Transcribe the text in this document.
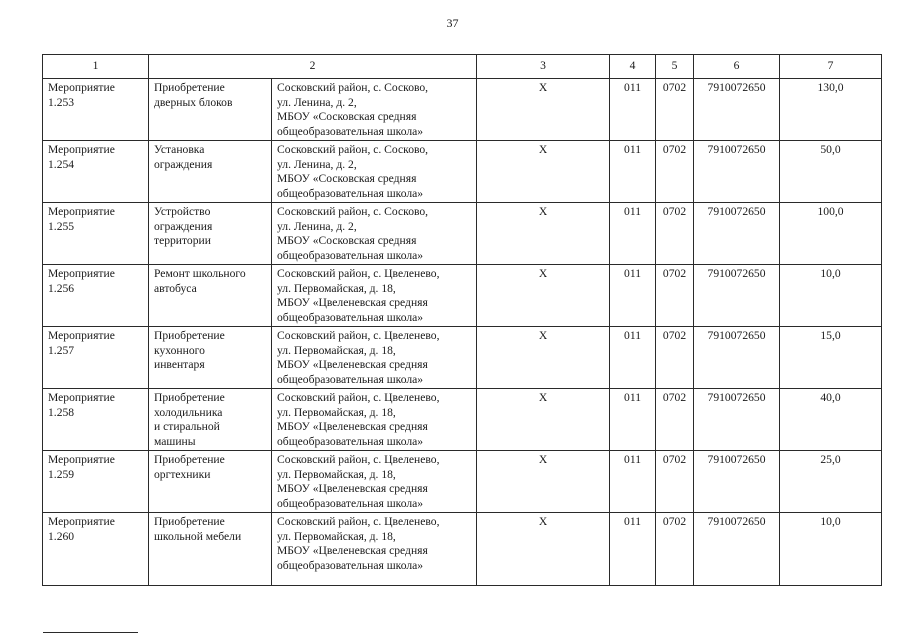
37
1	2		3	4	5	6	7

Мероприятие
1.253	Приобретение
дверных блоков	Сосковский район, с. Сосково,
ул. Ленина, д. 2,
МБОУ «Сосковская средняя
общеобразовательная школа»	X	011	0702	7910072650	130,0

Мероприятие
1.254	Установка
ограждения	Сосковский район, с. Сосково,
ул. Ленина, д. 2,
МБОУ «Сосковская средняя
общеобразовательная школа»	X	011	0702	7910072650	50,0

Мероприятие
1.255	Устройство
ограждения
территории	Сосковский район, с. Сосково,
ул. Ленина, д. 2,
МБОУ «Сосковская средняя
общеобразовательная школа»	X	011	0702	7910072650	100,0

Мероприятие
1.256	Ремонт школьного
автобуса	Сосковский район, с. Цвеленево,
ул. Первомайская, д. 18,
МБОУ «Цвеленевская средняя
общеобразовательная школа»	X	011	0702	7910072650	10,0

Мероприятие
1.257	Приобретение
кухонного
инвентаря	Сосковский район, с. Цвеленево,
ул. Первомайская, д. 18,
МБОУ «Цвеленевская средняя
общеобразовательная школа»	X	011	0702	7910072650	15,0

Мероприятие
1.258	Приобретение
холодильника
и стиральной
машины	Сосковский район, с. Цвеленево,
ул. Первомайская, д. 18,
МБОУ «Цвеленевская средняя
общеобразовательная школа»	X	011	0702	7910072650	40,0

Мероприятие
1.259	Приобретение
оргтехники	Сосковский район, с. Цвеленево,
ул. Первомайская, д. 18,
МБОУ «Цвеленевская средняя
общеобразовательная школа»	X	011	0702	7910072650	25,0

Мероприятие
1.260	Приобретение
школьной мебели	Сосковский район, с. Цвеленево,
ул. Первомайская, д. 18,
МБОУ «Цвеленевская средняя
общеобразовательная школа»	X	011	0702	7910072650	10,0
